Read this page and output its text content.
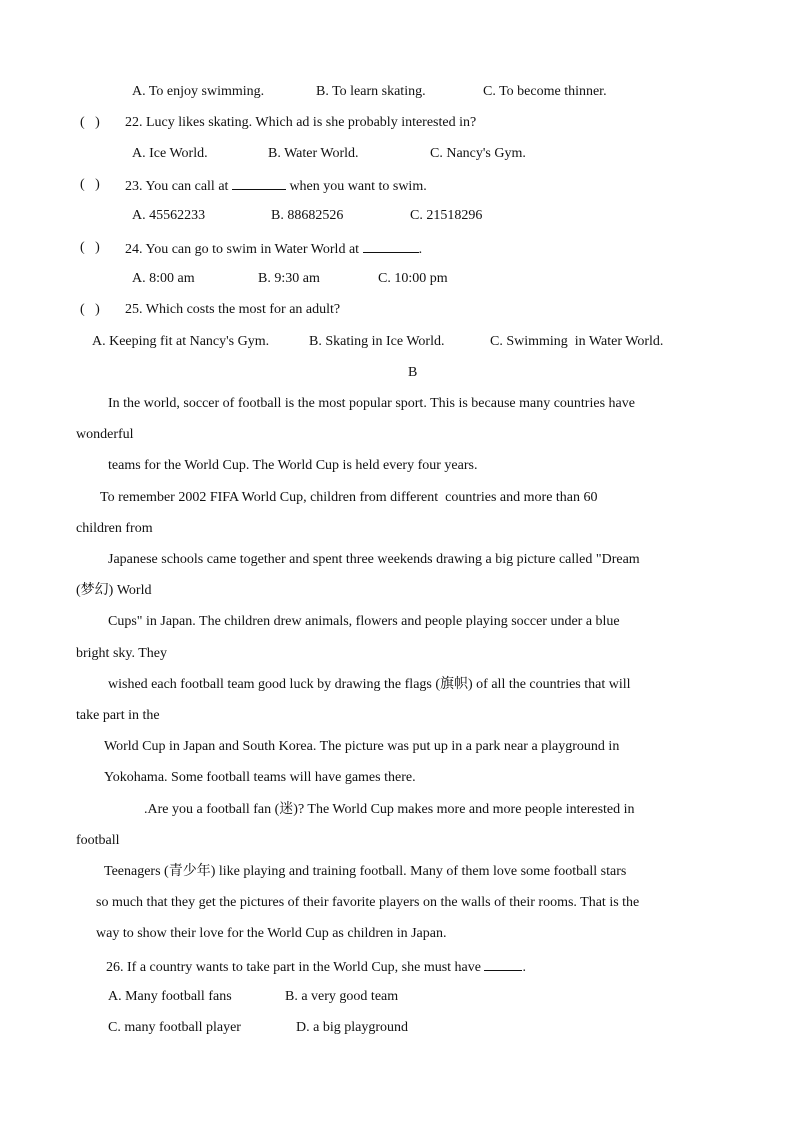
A. To enjoy swimming.	B. To learn skating.	C. To become thinner.
(   ) 22. Lucy likes skating. Which ad is she probably interested in?
A. Ice World.	B. Water World.	C. Nancy's Gym.
(   ) 23. You can call at	when you want to swim.
A. 45562233	B. 88682526	C. 21518296
(   ) 24. You can go to swim in Water World at	.
A. 8:00 am	B. 9:30 am	C. 10:00 pm
(   ) 25. Which costs the most for an adult?
A. Keeping fit at Nancy's Gym.	B. Skating in Ice World.	C. Swimming  in Water World.
B
In the world, soccer of football is the most popular sport. This is because many countries have
wonderful
teams for the World Cup. The World Cup is held every four years.
To remember 2002 FIFA World Cup, children from different  countries and more than 60
children from
Japanese schools came together and spent three weekends drawing a big picture called "Dream
(梦幻) World
Cups" in Japan. The children drew animals, flowers and people playing soccer under a blue
bright sky. They
wished each football team good luck by drawing the flags (旗帜) of all the countries that will
take part in the
World Cup in Japan and South Korea. The picture was put up in a park near a playground in
Yokohama. Some football teams will have games there.
.Are you a football fan (迷)? The World Cup makes more and more people interested in
football
Teenagers (青少年) like playing and training football. Many of them love some football stars
so much that they get the pictures of their favorite players on the walls of their rooms. That is the
way to show their love for the World Cup as children in Japan.
26. If a country wants to take part in the World Cup, she must have	.
A. Many football fans	B. a very good team
C. many football player	D. a big playground
